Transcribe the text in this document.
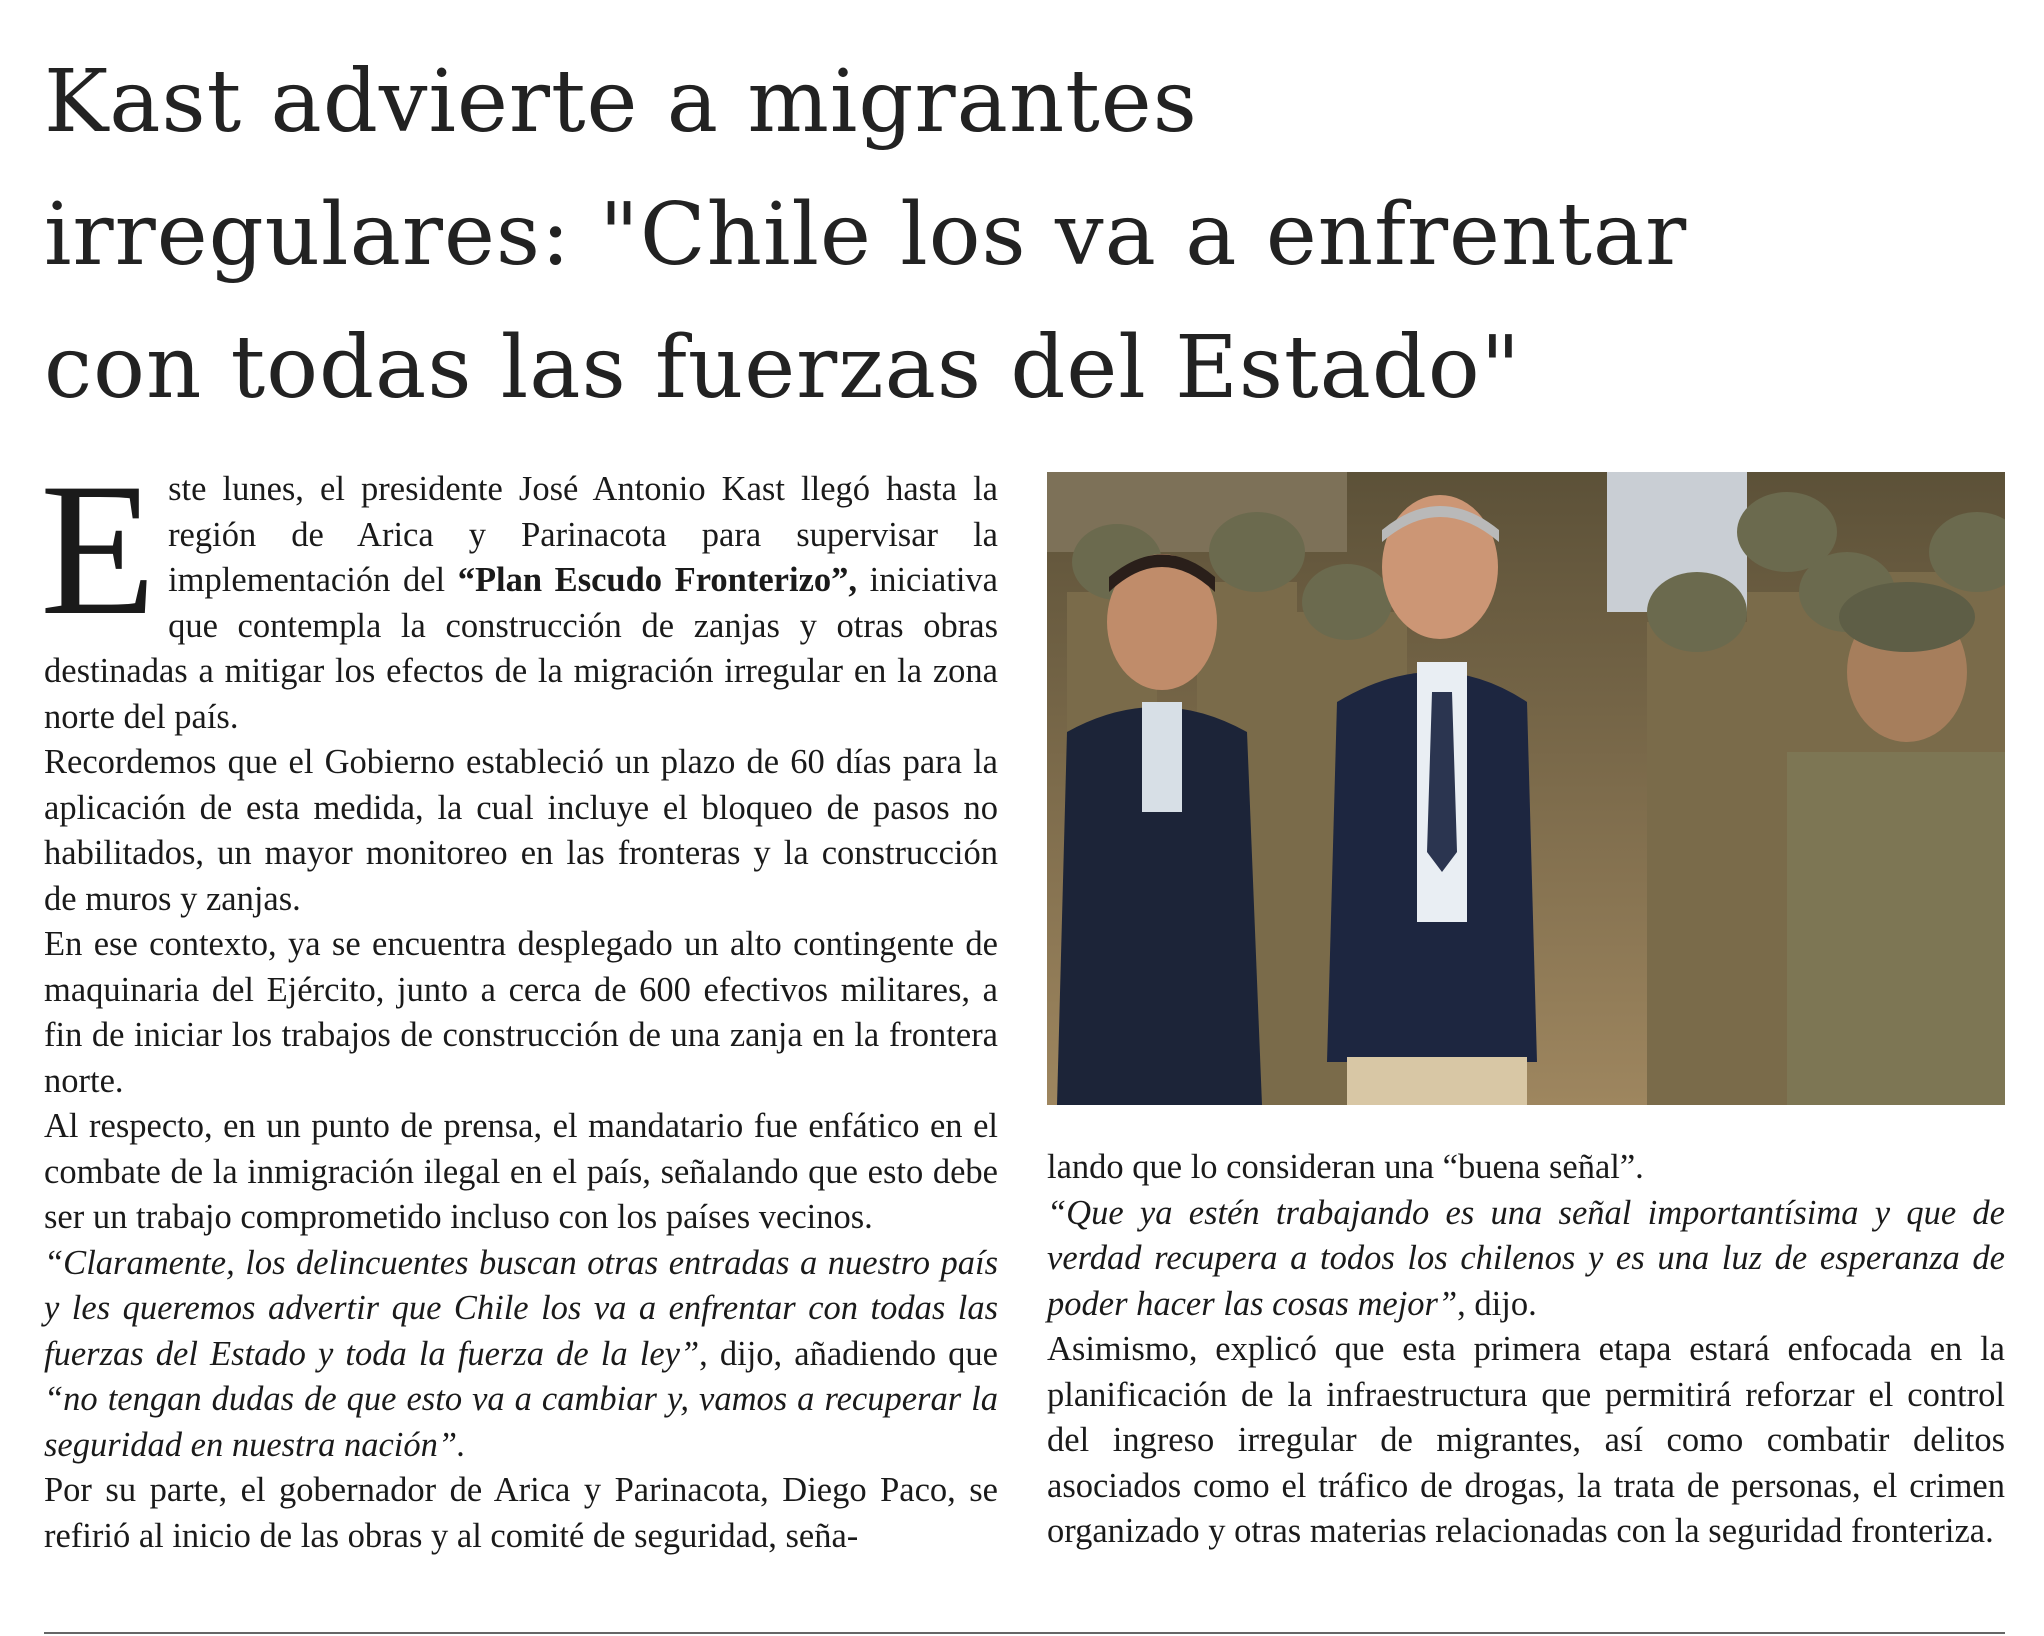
Kast advierte a migrantes
irregulares: "Chile los va a enfrentar
con todas las fuerzas del Estado"

Este lunes, el presidente José Antonio Kast llegó hasta la región de Arica y Parinacota para supervisar la implementación del “Plan Escudo Fronterizo”, iniciativa que contempla la construcción de zanjas y otras obras destinadas a mitigar los efectos de la migración irregular en la zona norte del país.

Recordemos que el Gobierno estableció un plazo de 60 días para la aplicación de esta medida, la cual incluye el bloqueo de pasos no habilitados, un mayor monitoreo en las fronteras y la construcción de muros y zanjas.

En ese contexto, ya se encuentra desplegado un alto contingente de maquinaria del Ejército, junto a cerca de 600 efectivos militares, a fin de iniciar los trabajos de construcción de una zanja en la frontera norte.

Al respecto, en un punto de prensa, el mandatario fue enfático en el combate de la inmigración ilegal en el país, señalando que esto debe ser un trabajo comprometido incluso con los países vecinos.

“Claramente, los delincuentes buscan otras entradas a nuestro país y les queremos advertir que Chile los va a enfrentar con todas las fuerzas del Estado y toda la fuerza de la ley”, dijo, añadiendo que “no tengan dudas de que esto va a cambiar y, vamos a recuperar la seguridad en nuestra nación”.

Por su parte, el gobernador de Arica y Parinacota, Diego Paco, se refirió al inicio de las obras y al comité de seguridad, seña-

lando que lo consideran una “buena señal”.

“Que ya estén trabajando es una señal importantísima y que de verdad recupera a todos los chilenos y es una luz de esperanza de poder hacer las cosas mejor”, dijo.

Asimismo, explicó que esta primera etapa estará enfocada en la planificación de la infraestructura que permitirá reforzar el control del ingreso irregular de migrantes, así como combatir delitos asociados como el tráfico de drogas, la trata de personas, el crimen organizado y otras materias relacionadas con la seguridad fronteriza.
